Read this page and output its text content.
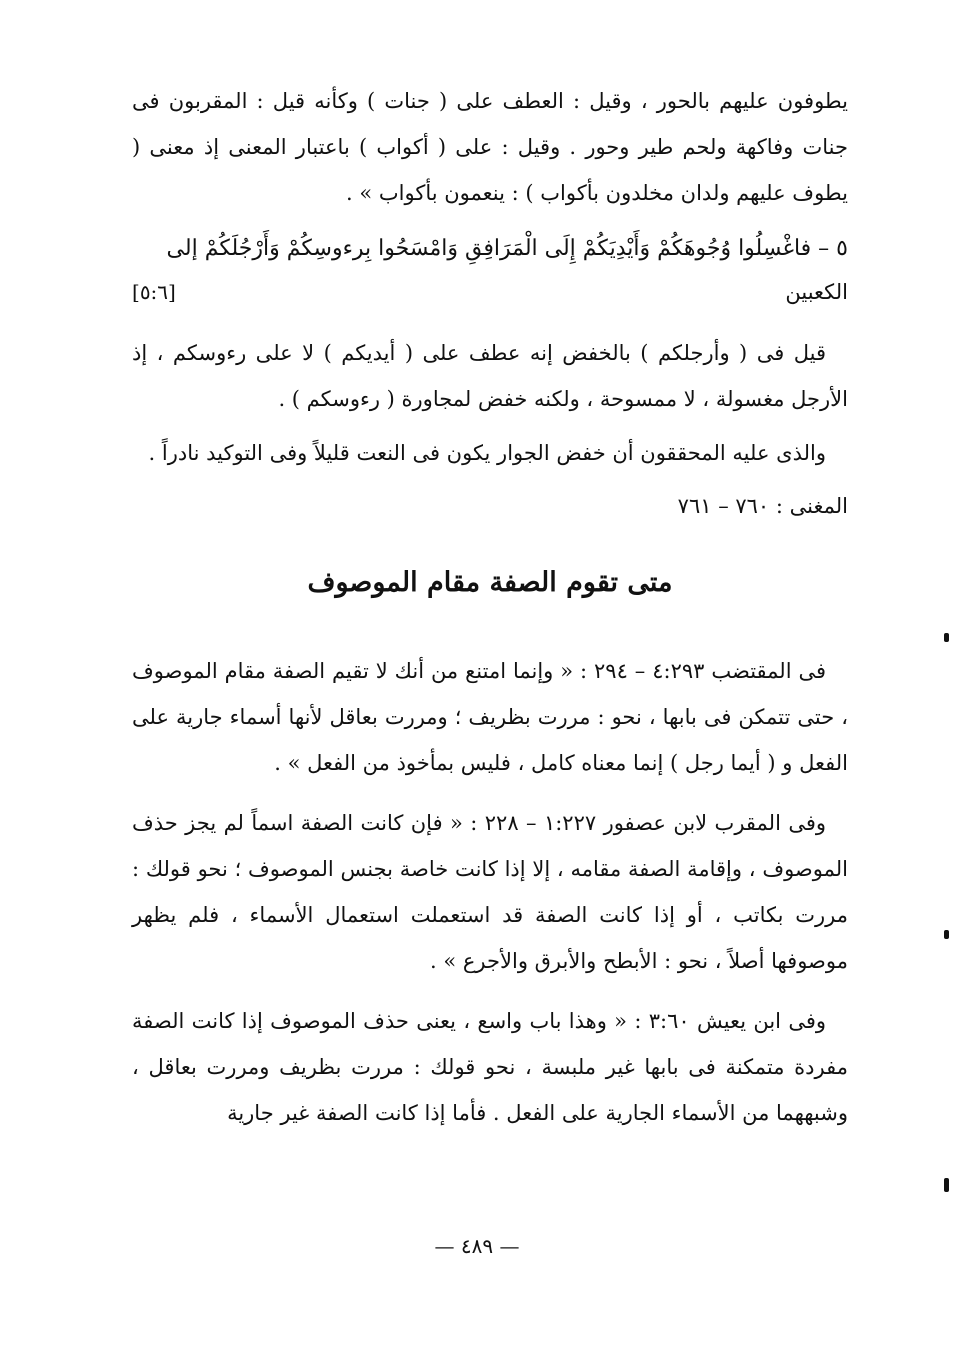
يطوفون عليهم بالحور ، وقيل : العطف على ( جنات ) وكأنه قيل : المقربون فى جنات وفاكهة ولحم طير وحور . وقيل : على ( أكواب ) باعتبار المعنى إذ معنى ( يطوف عليهم ولدان مخلدون بأكواب ) : ينعمون بأكواب » .

٥ – فاغْسِلُوا وُجُوهَكُمْ وَأَيْدِيَكُمْ إِلَى الْمَرَافِقِ وَامْسَحُوا بِرءوسِكُمْ وَأَرْجُلَكُمْ إلى

الكعبين
[٥:٦]

قيل فى ( وأرجلكم ) بالخفض إنه عطف على ( أيديكم ) لا على رءوسكم ، إذ الأرجل مغسولة ، لا ممسوحة ، ولكنه خفض لمجاورة ( رءوسكم ) .

والذى عليه المحققون أن خفض الجوار يكون فى النعت قليلاً وفى التوكيد نادراً .

المغنى : ٧٦٠ – ٧٦١

متى تقوم الصفة مقام الموصوف

فى المقتضب ٤:٢٩٣ – ٢٩٤ : « وإنما امتنع من أنك لا تقيم الصفة مقام الموصوف ، حتى تتمكن فى بابها ، نحو : مررت بظريف ؛ ومررت بعاقل لأنها أسماء جارية على الفعل و ( أيما رجل ) إنما معناه كامل ، فليس بمأخوذ من الفعل » .

وفى المقرب لابن عصفور ١:٢٢٧ – ٢٢٨ : « فإن كانت الصفة اسماً لم يجز حذف الموصوف ، وإقامة الصفة مقامه ، إلا إذا كانت خاصة بجنس الموصوف ؛ نحو قولك : مررت بكاتب ، أو إذا كانت الصفة قد استعملت استعمال الأسماء ، فلم يظهر موصوفها أصلاً ، نحو : الأبطح والأبرق والأجرع » .

وفى ابن يعيش ٣:٦٠ : « وهذا باب واسع ، يعنى حذف الموصوف إذا كانت الصفة مفردة متمكنة فى بابها غير ملبسة ، نحو قولك : مررت بظريف ومررت بعاقل ، وشبههما من الأسماء الجارية على الفعل . فأما إذا كانت الصفة غير جارية

— ٤٨٩ —
